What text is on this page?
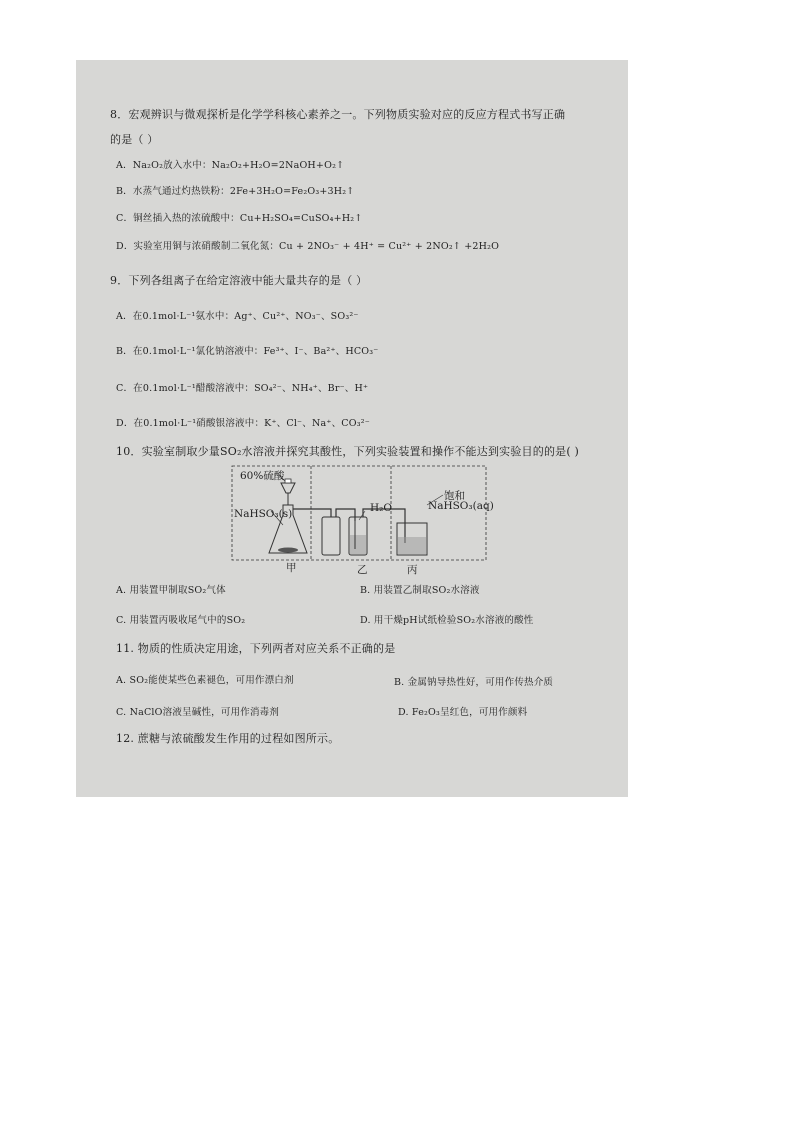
8．宏观辨识与微观探析是化学学科核心素养之一。下列物质实验对应的反应方程式书写正确
的是（ ）
A．Na₂O₂放入水中：Na₂O₂+H₂O=2NaOH+O₂↑
B．水蒸气通过灼热铁粉：2Fe+3H₂O=Fe₂O₃+3H₂↑
C．铜丝插入热的浓硫酸中：Cu+H₂SO₄=CuSO₄+H₂↑
D．实验室用铜与浓硝酸制二氧化氮：Cu + 2NO₃⁻ + 4H⁺ = Cu²⁺ + 2NO₂↑ +2H₂O
9．下列各组离子在给定溶液中能大量共存的是（ ）
A．在0.1mol·L⁻¹氨水中：Ag⁺、Cu²⁺、NO₃⁻、SO₃²⁻
B．在0.1mol·L⁻¹氯化钠溶液中：Fe³⁺、I⁻、Ba²⁺、HCO₃⁻
C．在0.1mol·L⁻¹醋酸溶液中：SO₄²⁻、NH₄⁺、Br⁻、H⁺
D．在0.1mol·L⁻¹硝酸银溶液中：K⁺、Cl⁻、Na⁺、CO₃²⁻
10．实验室制取少量SO₂水溶液并探究其酸性，下列实验装置和操作不能达到实验目的的是( )
60%硫酸
NaHSO₃(s)	H₂O
饱和
NaHSO₃(aq)
甲	乙	丙
A. 用装置甲制取SO₂气体	B. 用装置乙制取SO₂水溶液
C. 用装置丙吸收尾气中的SO₂	D. 用干燥pH试纸检验SO₂水溶液的酸性
11. 物质的性质决定用途，下列两者对应关系不正确的是
A. SO₂能使某些色素褪色，可用作漂白剂	B. 金属钠导热性好，可用作传热介质
C. NaClO溶液呈碱性，可用作消毒剂	D. Fe₂O₃呈红色，可用作颜料
12. 蔗糖与浓硫酸发生作用的过程如图所示。
